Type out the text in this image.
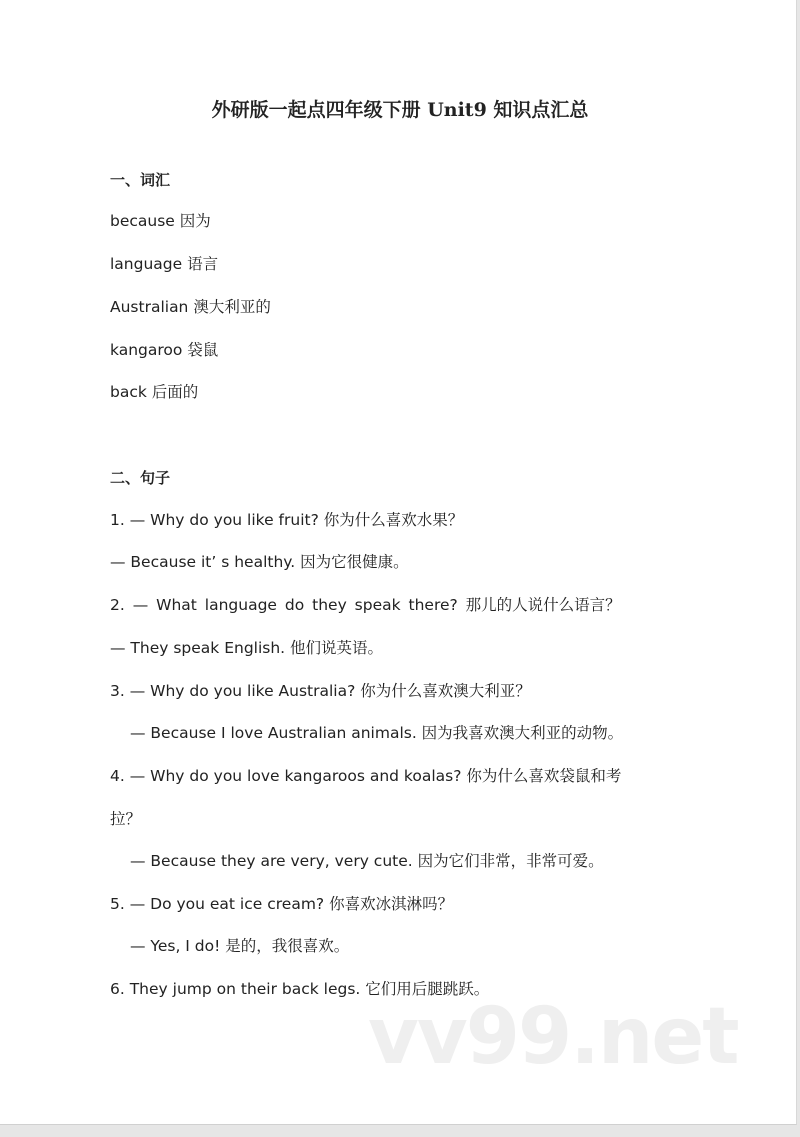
外研版一起点四年级下册 Unit9 知识点汇总
一、词汇
because 因为
language 语言
Australian 澳大利亚的
kangaroo 袋鼠
back 后面的
二、句子
1. — Why do you like fruit? 你为什么喜欢水果？
— Because it’ s healthy. 因为它很健康。
2. — What language do they speak there? 那儿的人说什么语言？
— They speak English. 他们说英语。
3. — Why do you like Australia? 你为什么喜欢澳大利亚？
— Because I love Australian animals. 因为我喜欢澳大利亚的动物。
4. — Why do you love kangaroos and koalas? 你为什么喜欢袋鼠和考
拉？
— Because they are very, very cute. 因为它们非常，非常可爱。
5. — Do you eat ice cream? 你喜欢冰淇淋吗？
— Yes, I do! 是的，我很喜欢。
6. They jump on their back legs. 它们用后腿跳跃。
vv99.net
